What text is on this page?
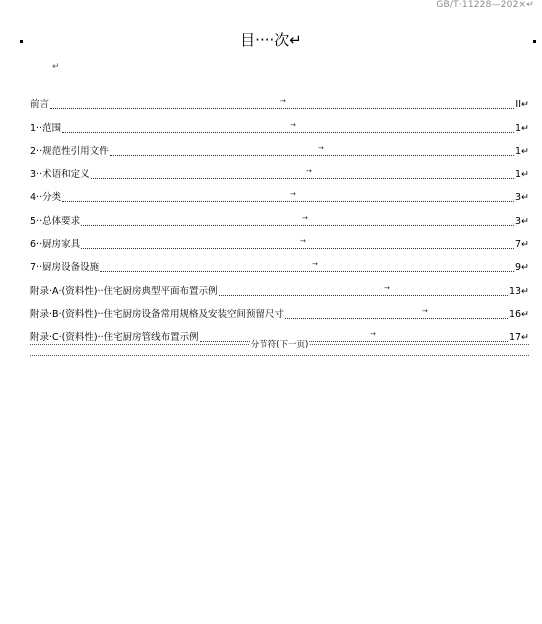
GB/T·11228—202×↵
目····次↵
↵
前言	II↵
→
1··范围	1↵
→
2··规范性引用文件	1↵
→
3··术语和定义	1↵
→
4··分类	3↵
→
5··总体要求	3↵
→
6··厨房家具	7↵
→
7··厨房设备设施	9↵
→
附录·A·(资料性)··住宅厨房典型平面布置示例	13↵
→
附录·B·(资料性)··住宅厨房设备常用规格及安装空间预留尺寸	16↵
→
附录·C·(资料性)··住宅厨房管线布置示例	17↵
→
分节符(下一页)
